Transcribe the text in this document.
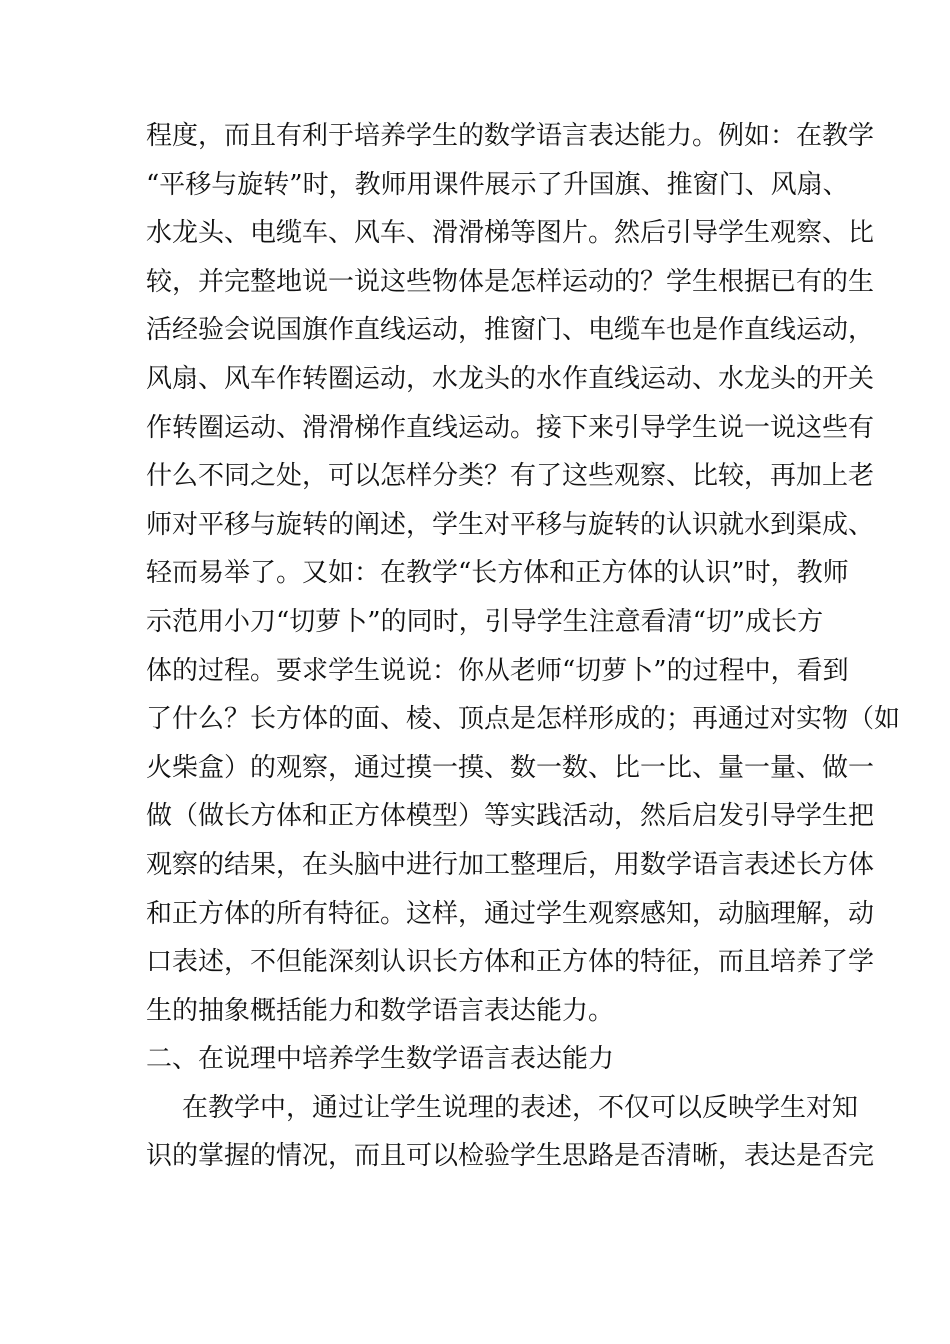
程度，而且有利于培养学生的数学语言表达能力。例如：在教学
“平移与旋转”时，教师用课件展示了升国旗、推窗门、风扇、
水龙头、电缆车、风车、滑滑梯等图片。然后引导学生观察、比
较，并完整地说一说这些物体是怎样运动的？学生根据已有的生
活经验会说国旗作直线运动，推窗门、电缆车也是作直线运动，
风扇、风车作转圈运动，水龙头的水作直线运动、水龙头的开关
作转圈运动、滑滑梯作直线运动。接下来引导学生说一说这些有
什么不同之处，可以怎样分类？有了这些观察、比较，再加上老
师对平移与旋转的阐述，学生对平移与旋转的认识就水到渠成、
轻而易举了。又如：在教学“长方体和正方体的认识”时，教师
示范用小刀“切萝卜”的同时，引导学生注意看清“切”成长方
体的过程。要求学生说说：你从老师“切萝卜”的过程中，看到
了什么？长方体的面、棱、顶点是怎样形成的；再通过对实物（如
火柴盒）的观察，通过摸一摸、数一数、比一比、量一量、做一
做（做长方体和正方体模型）等实践活动，然后启发引导学生把
观察的结果，在头脑中进行加工整理后，用数学语言表述长方体
和正方体的所有特征。这样，通过学生观察感知，动脑理解，动
口表述，不但能深刻认识长方体和正方体的特征，而且培养了学
生的抽象概括能力和数学语言表达能力。
二、在说理中培养学生数学语言表达能力
在教学中，通过让学生说理的表述，不仅可以反映学生对知
识的掌握的情况，而且可以检验学生思路是否清晰，表达是否完
